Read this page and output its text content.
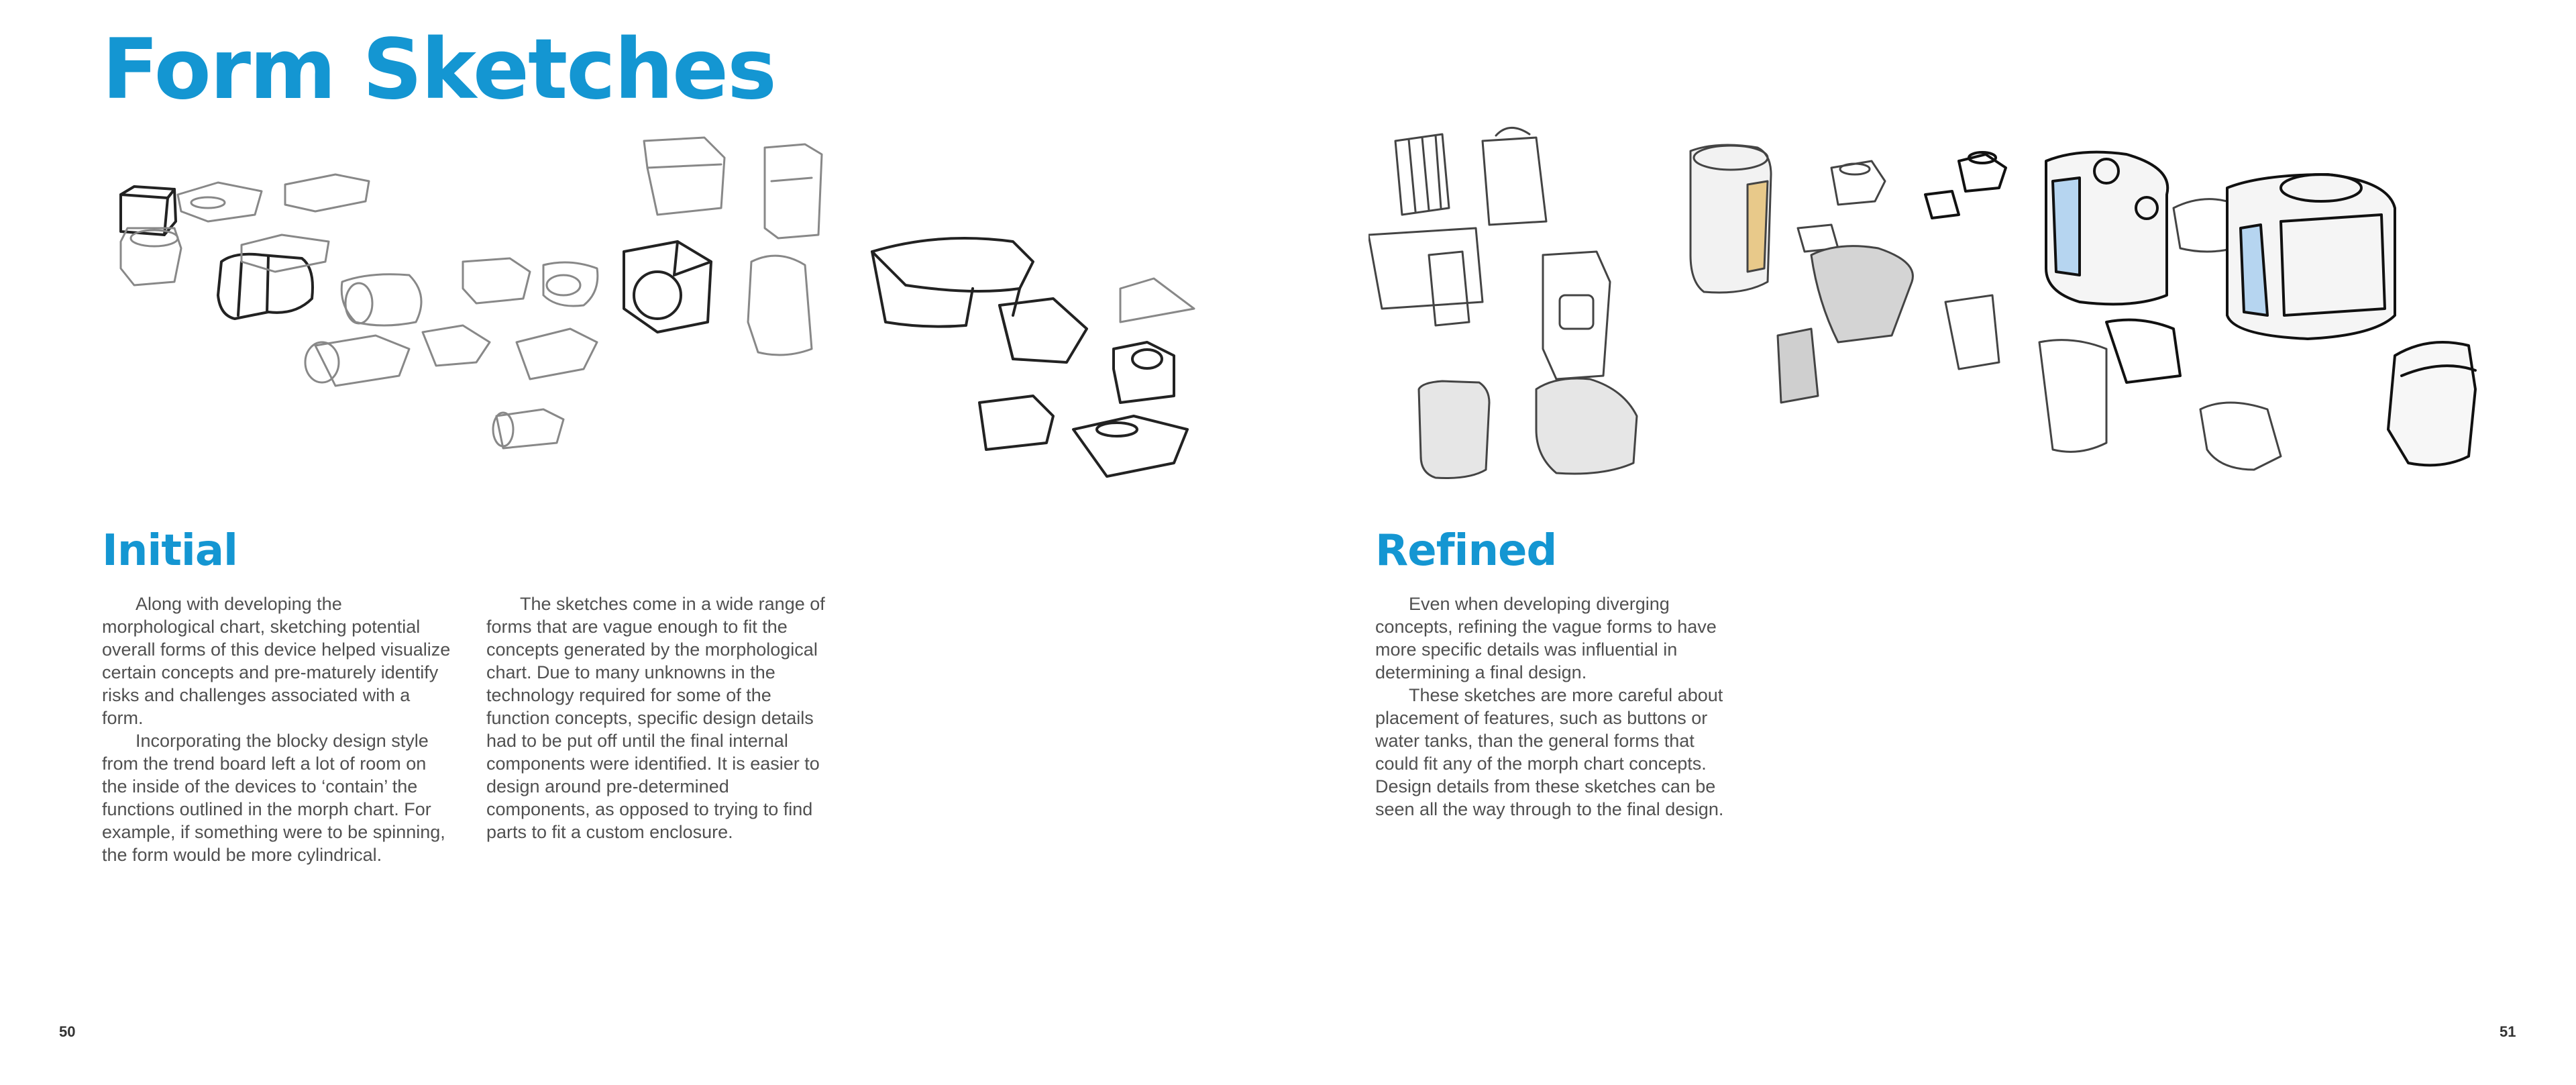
Form Sketches
Initial

Along with developing the morphological chart, sketching potential overall forms of this device helped visualize certain concepts and pre-maturely identify risks and challenges associated with a form.

Incorporating the blocky design style from the trend board left a lot of room on the inside of the devices to ‘contain’ the functions outlined in the morph chart. For example, if something were to be spinning, the form would be more cylindrical.

The sketches come in a wide range of forms that are vague enough to fit the concepts generated by the morphological chart. Due to many unknowns in the technology required for some of the function concepts, specific design details had to be put off until the final internal components were identified. It is easier to design around pre-determined components, as opposed to trying to find parts to fit a custom enclosure.

Refined

Even when developing diverging concepts, refining the vague forms to have more specific details was influential in determining a final design.

These sketches are more careful about placement of features, such as buttons or water tanks, than the general forms that could fit any of the morph chart concepts. Design details from these sketches can be seen all the way through to the final design.

50	51
